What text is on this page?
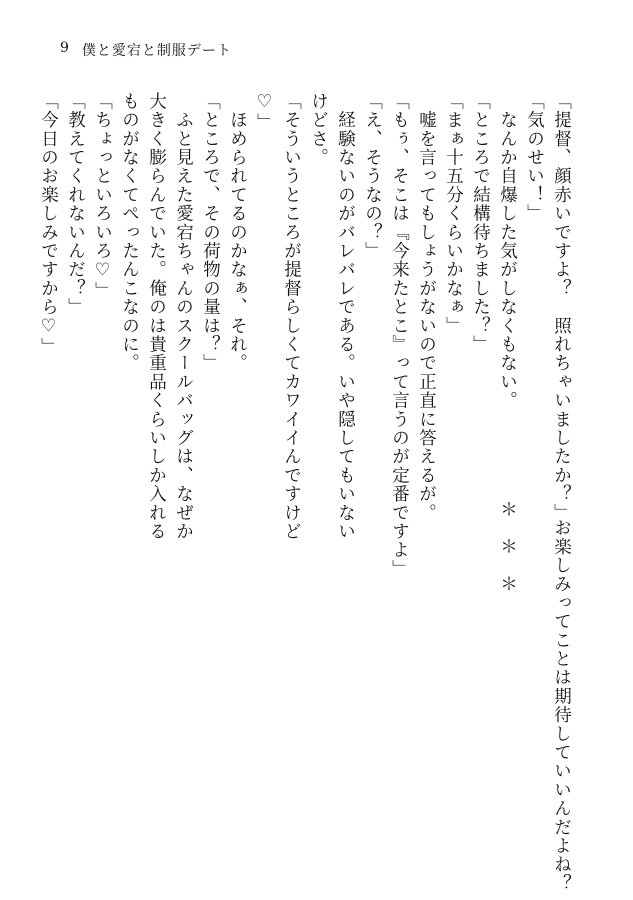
9 僕と愛宕と制服デート
「提督、顔赤いですよ？　照れちゃいましたか？」
「気のせい！」
　なんか自爆した気がしなくもない。
「ところで結構待ちました？」
「まぁ十五分くらいかなぁ」
　嘘を言ってもしょうがないので正直に答えるが。
「もぅ、そこは『今来たとこ』って言うのが定番ですよ」
「え、そうなの？」
　経験ないのがバレバレである。いや隠してもいない
けどさ。
「そういうところが提督らしくてカワイイんですけど
♡」
　ほめられてるのかなぁ、それ。
「ところで、その荷物の量は？」
　ふと見えた愛宕ちゃんのスクールバッグは、なぜか
大きく膨らんでいた。俺のは貴重品くらいしか入れる
ものがなくてぺったんこなのに。
「ちょっといろいろ♡」
「教えてくれないんだ？」
「今日のお楽しみですから♡」
　お楽しみってことは期待していいんだよね？
＊　＊　＊
